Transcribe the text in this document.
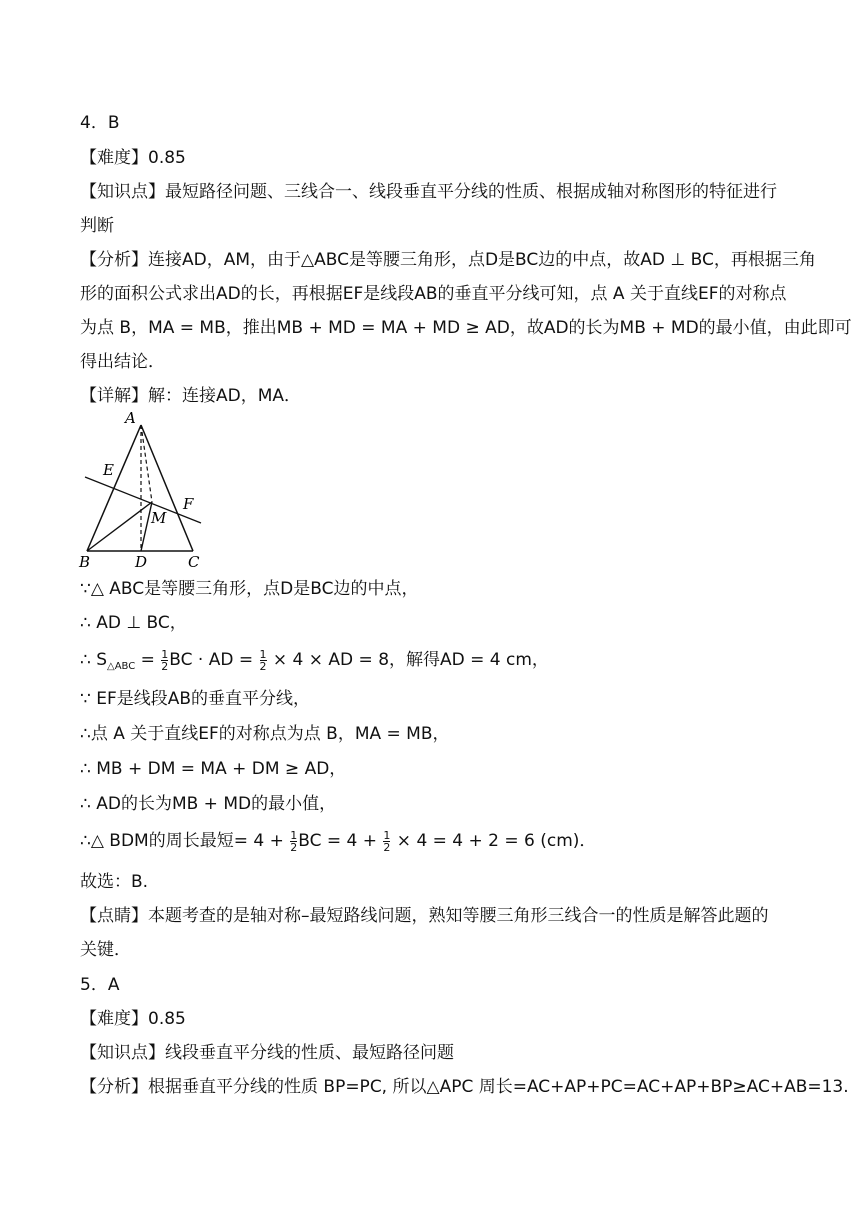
4．B
【难度】0.85
【知识点】最短路径问题、三线合一、线段垂直平分线的性质、根据成轴对称图形的特征进行
判断
【分析】连接AD，AM，由于△ABC是等腰三角形，点D是BC边的中点，故AD ⊥ BC，再根据三角
形的面积公式求出AD的长，再根据EF是线段AB的垂直平分线可知，点 A 关于直线EF的对称点
为点 B，MA = MB，推出MB + MD = MA + MD ≥ AD，故AD的长为MB + MD的最小值，由此即可
得出结论．
【详解】解：连接AD，MA．
A
B	C
D
E
F
M
∵△ ABC是等腰三角形，点D是BC边的中点，
∴ AD ⊥ BC，
∴ $S_{\triangle ABC} = \frac{1}{2}$ BC · AD = $\frac{1}{2} \times 4$ × AD = 8，解得AD = 4 cm，
∵ EF是线段AB的垂直平分线，
∴点 A 关于直线EF的对称点为点 B，MA = MB，
∴ MB + DM = MA + DM ≥ AD，
∴ AD的长为MB + MD的最小值，
∴△ BDM的周长最短= $4 + \frac{1}{2}$ BC = $4 + \frac{1}{2} \times 4 = 4 + 2 = 6$ (cm)．
故选：B.
【点睛】本题考查的是轴对称–最短路线问题，熟知等腰三角形三线合一的性质是解答此题的
关键．
5．A
【难度】0.85
【知识点】线段垂直平分线的性质、最短路径问题
【分析】根据垂直平分线的性质 BP=PC, 所以△APC 周长=AC+AP+PC=AC+AP+BP≥AC+AB=13.
